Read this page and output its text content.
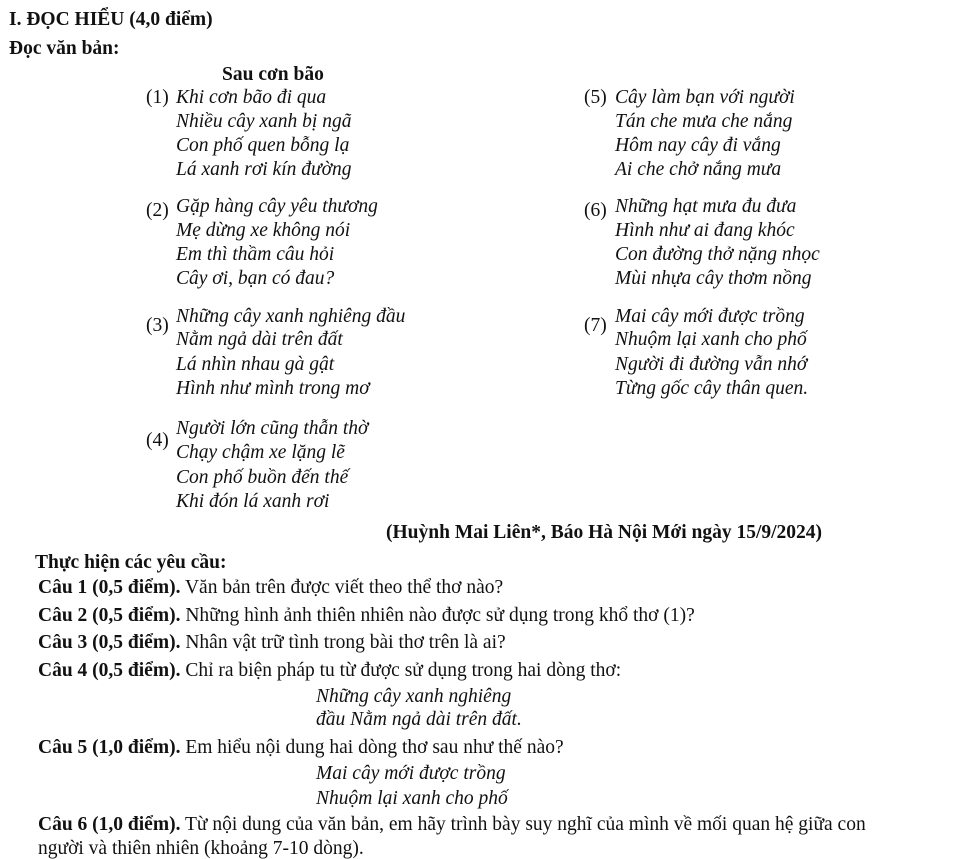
I. ĐỌC HIỂU (4,0 điểm)
Đọc văn bản:
Sau cơn bão
(1) Khi cơn bão đi qua
Nhiều cây xanh bị ngã
Con phố quen bỗng lạ
Lá xanh rơi kín đường
(2) Gặp hàng cây yêu thương
Mẹ dừng xe không nói
Em thì thầm câu hỏi
Cây ơi, bạn có đau?
(3) Những cây xanh nghiêng đầu
Nằm ngả dài trên đất
Lá nhìn nhau gà gật
Hình như mình trong mơ
(4)
Người lớn cũng thẫn thờ
Chạy chậm xe lặng lẽ
Con phố buồn đến thế
Khi đón lá xanh rơi
(5) Cây làm bạn với người
Tán che mưa che nắng
Hôm nay cây đi vắng
Ai che chở nắng mưa
(6) Những hạt mưa đu đưa
Hình như ai đang khóc
Con đường thở nặng nhọc
Mùi nhựa cây thơm nồng
(7) Mai cây mới được trồng
Nhuộm lại xanh cho phố
Người đi đường vẫn nhớ
Từng gốc cây thân quen.
(Huỳnh Mai Liên*, Báo Hà Nội Mới ngày 15/9/2024)
Thực hiện các yêu cầu:
Câu 1 (0,5 điểm). Văn bản trên được viết theo thể thơ nào?
Câu 2 (0,5 điểm). Những hình ảnh thiên nhiên nào được sử dụng trong khổ thơ (1)?
Câu 3 (0,5 điểm). Nhân vật trữ tình trong bài thơ trên là ai?
Câu 4 (0,5 điểm). Chỉ ra biện pháp tu từ được sử dụng trong hai dòng thơ:
Những cây xanh nghiêng
đầu Nằm ngả dài trên đất.
Câu 5 (1,0 điểm). Em hiểu nội dung hai dòng thơ sau như thế nào?
Mai cây mới được trồng
Nhuộm lại xanh cho phố
Câu 6 (1,0 điểm). Từ nội dung của văn bản, em hãy trình bày suy nghĩ của mình về mối quan hệ giữa con
người và thiên nhiên (khoảng 7-10 dòng).
